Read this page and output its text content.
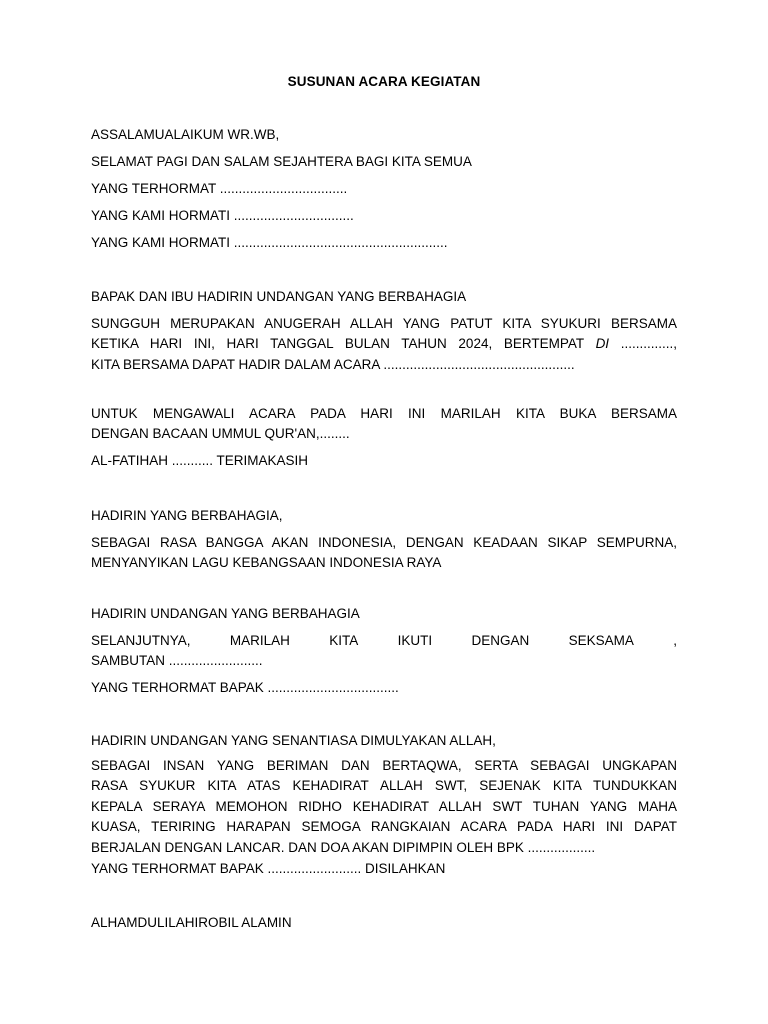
SUSUNAN ACARA KEGIATAN
ASSALAMUALAIKUM WR.WB,
SELAMAT PAGI DAN SALAM SEJAHTERA BAGI KITA SEMUA
YANG TERHORMAT ..................................
YANG KAMI HORMATI ................................
YANG KAMI HORMATI .........................................................
BAPAK DAN IBU HADIRIN UNDANGAN YANG BERBAHAGIA
SUNGGUH MERUPAKAN ANUGERAH ALLAH YANG PATUT KITA SYUKURI BERSAMA
KETIKA HARI INI, HARI TANGGAL BULAN TAHUN 2024, BERTEMPAT DI ..............,
KITA BERSAMA DAPAT HADIR DALAM ACARA ...................................................
UNTUK MENGAWALI ACARA PADA HARI INI MARILAH KITA BUKA BERSAMA
DENGAN BACAAN UMMUL QUR'AN,........
AL-FATIHAH ........... TERIMAKASIH
HADIRIN YANG BERBAHAGIA,
SEBAGAI RASA BANGGA AKAN INDONESIA, DENGAN KEADAAN SIKAP SEMPURNA,
MENYANYIKAN LAGU KEBANGSAAN INDONESIA RAYA
HADIRIN UNDANGAN YANG BERBAHAGIA
SELANJUTNYA,	MARILAH	KITA	IKUTI	DENGAN	SEKSAMA	,
SAMBUTAN .........................
YANG TERHORMAT BAPAK ...................................
HADIRIN UNDANGAN YANG SENANTIASA DIMULYAKAN ALLAH,
SEBAGAI INSAN YANG BERIMAN DAN BERTAQWA, SERTA SEBAGAI UNGKAPAN
RASA SYUKUR KITA ATAS KEHADIRAT ALLAH SWT, SEJENAK KITA TUNDUKKAN
KEPALA SERAYA MEMOHON RIDHO KEHADIRAT ALLAH SWT TUHAN YANG MAHA
KUASA, TERIRING HARAPAN SEMOGA RANGKAIAN ACARA PADA HARI INI DAPAT
BERJALAN DENGAN LANCAR. DAN DOA AKAN DIPIMPIN OLEH BPK ..................
YANG TERHORMAT BAPAK ......................... DISILAHKAN
ALHAMDULILAHIROBIL ALAMIN
